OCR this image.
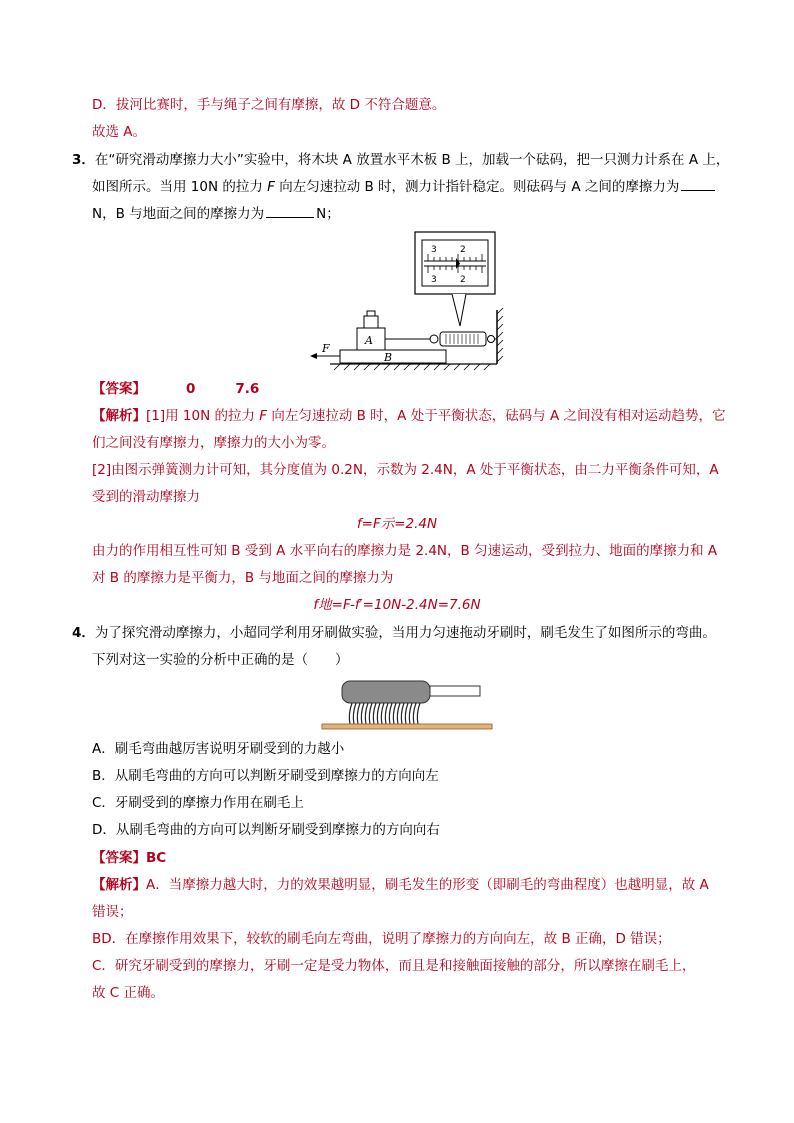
D．拔河比赛时，手与绳子之间有摩擦，故 D 不符合题意。
故选 A。
3．在“研究滑动摩擦力大小”实验中，将木块 A 放置水平木板 B 上，加载一个砝码，把一只测力计系在 A 上，
如图所示。当用 10N 的拉力 F 向左匀速拉动 B 时，测力计指针稳定。则砝码与 A 之间的摩擦力为
N，B 与地面之间的摩擦力为	N；
2
3
3	2
A
B
F
【答案】	0	7.6
【解析】[1]用 10N 的拉力 F 向左匀速拉动 B 时，A 处于平衡状态，砝码与 A 之间没有相对运动趋势，它
们之间没有摩擦力，摩擦力的大小为零。
[2]由图示弹簧测力计可知，其分度值为 0.2N，示数为 2.4N，A 处于平衡状态，由二力平衡条件可知，A
受到的滑动摩擦力
f=F示=2.4N
由力的作用相互性可知 B 受到 A 水平向右的摩擦力是 2.4N，B 匀速运动，受到拉力、地面的摩擦力和 A
对 B 的摩擦力是平衡力，B 与地面之间的摩擦力为
f地=F-f′=10N-2.4N=7.6N
4．为了探究滑动摩擦力，小超同学利用牙刷做实验，当用力匀速拖动牙刷时，刷毛发生了如图所示的弯曲。
下列对这一实验的分析中正确的是（　　）
A．刷毛弯曲越厉害说明牙刷受到的力越小
B．从刷毛弯曲的方向可以判断牙刷受到摩擦力的方向向左
C．牙刷受到的摩擦力作用在刷毛上
D．从刷毛弯曲的方向可以判断牙刷受到摩擦力的方向向右
【答案】BC
【解析】A．当摩擦力越大时，力的效果越明显，刷毛发生的形变（即刷毛的弯曲程度）也越明显，故 A
错误；
BD．在摩擦作用效果下，较软的刷毛向左弯曲，说明了摩擦力的方向向左，故 B 正确，D 错误；
C．研究牙刷受到的摩擦力，牙刷一定是受力物体，而且是和接触面接触的部分，所以摩擦在刷毛上，
故 C 正确。
